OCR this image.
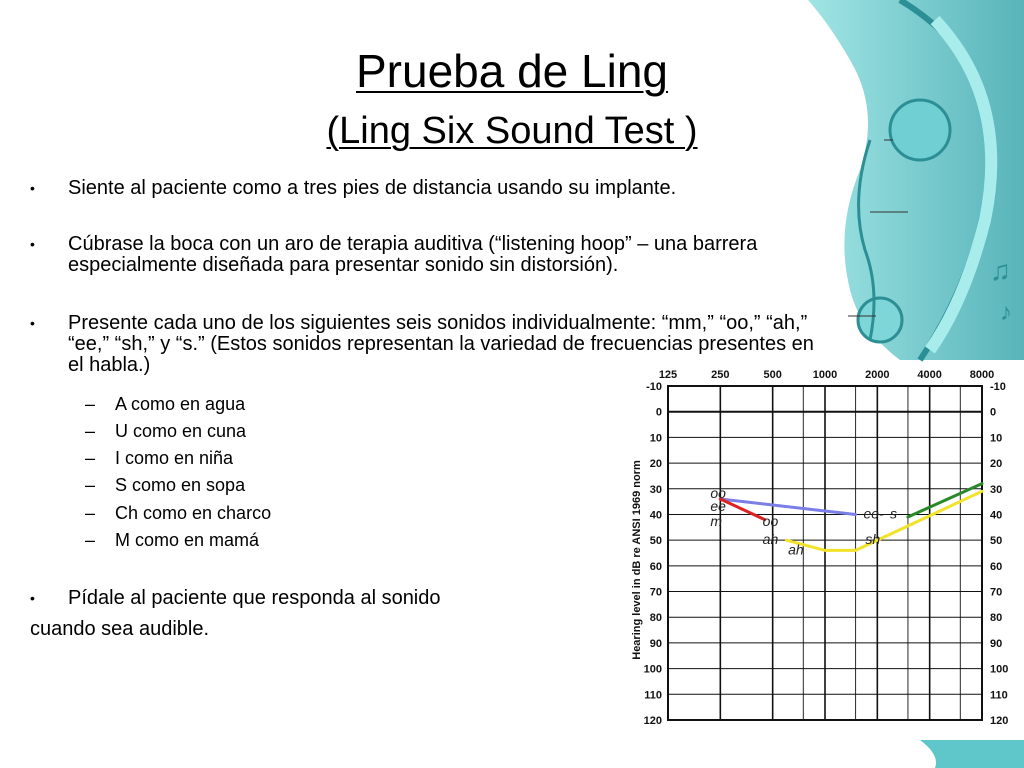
♫
♪
Prueba de Ling
(Ling Six Sound Test )
•	Siente al paciente como a tres pies de distancia usando su implante.
•	Cúbrase la boca con un aro de terapia auditiva (“listening hoop” – una barrera especialmente diseñada para presentar sonido sin distorsión).
•	Presente cada uno de los siguientes seis sonidos individualmente: “mm,” “oo,” “ah,” “ee,” “sh,” y “s.” (Estos sonidos representan la variedad de frecuencias presentes en el habla.)
–	A como en agua
–	U como en cuna
–	I como en niña
–	S como en sopa
–	Ch como en charco
–	M como en mamá
•	Pídale al paciente que responda al sonido
cuando sea audible.
125	250	500	1000	2000	4000	8000
-10	-10
0	0
10	10
20	20
30	30
40	40
50	50
60	60
70	70
80	80
90	90
100	100
110	110
120	120
oo
ee
m	oo
ah
ah
ee- s
sh
Hearing level in dB re ANSI 1969 norm
